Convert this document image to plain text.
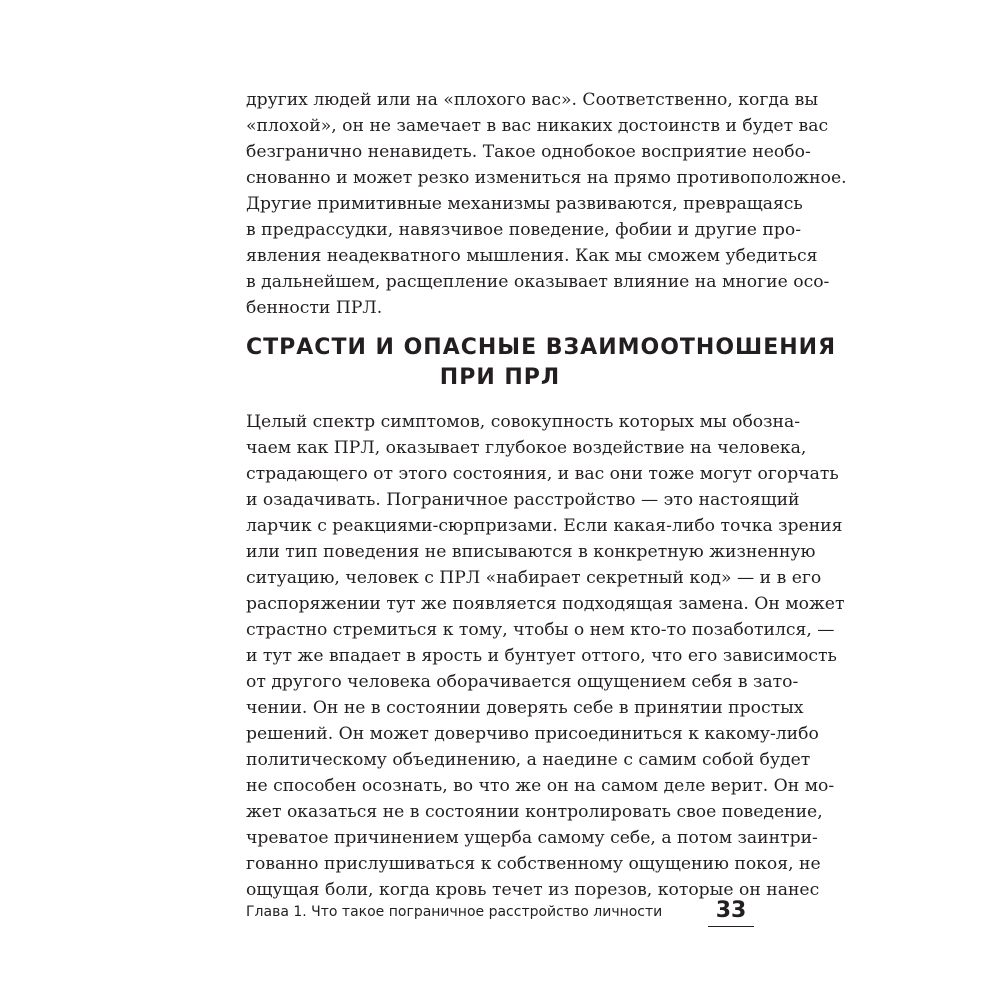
других людей или на «плохого вас». Соответственно, когда вы
«плохой», он не замечает в вас никаких достоинств и будет вас
безгранично ненавидеть. Такое однобокое восприятие необо-
снованно и может резко измениться на прямо противоположное.
Другие примитивные механизмы развиваются, превращаясь
в предрассудки, навязчивое поведение, фобии и другие про-
явления неадекватного мышления. Как мы сможем убедиться
в дальнейшем, расщепление оказывает влияние на многие осо-
бенности ПРЛ.
СТРАСТИ И ОПАСНЫЕ ВЗАИМООТНОШЕНИЯ
ПРИ ПРЛ
Целый спектр симптомов, совокупность которых мы обозна-
чаем как ПРЛ, оказывает глубокое воздействие на человека,
страдающего от этого состояния, и вас они тоже могут огорчать
и озадачивать. Пограничное расстройство — это настоящий
ларчик с реакциями-сюрпризами. Если какая-либо точка зрения
или тип поведения не вписываются в конкретную жизненную
ситуацию, человек с ПРЛ «набирает секретный код» — и в его
распоряжении тут же появляется подходящая замена. Он может
страстно стремиться к тому, чтобы о нем кто-то позаботился, —
и тут же впадает в ярость и бунтует оттого, что его зависимость
от другого человека оборачивается ощущением себя в зато-
чении. Он не в состоянии доверять себе в принятии простых
решений. Он может доверчиво присоединиться к какому-либо
политическому объединению, а наедине с самим собой будет
не способен осознать, во что же он на самом деле верит. Он мо-
жет оказаться не в состоянии контролировать свое поведение,
чреватое причинением ущерба самому себе, а потом заинтри-
гованно прислушиваться к собственному ощущению покоя, не
ощущая боли, когда кровь течет из порезов, которые он нанес
Глава 1. Что такое пограничное расстройство личности	33
